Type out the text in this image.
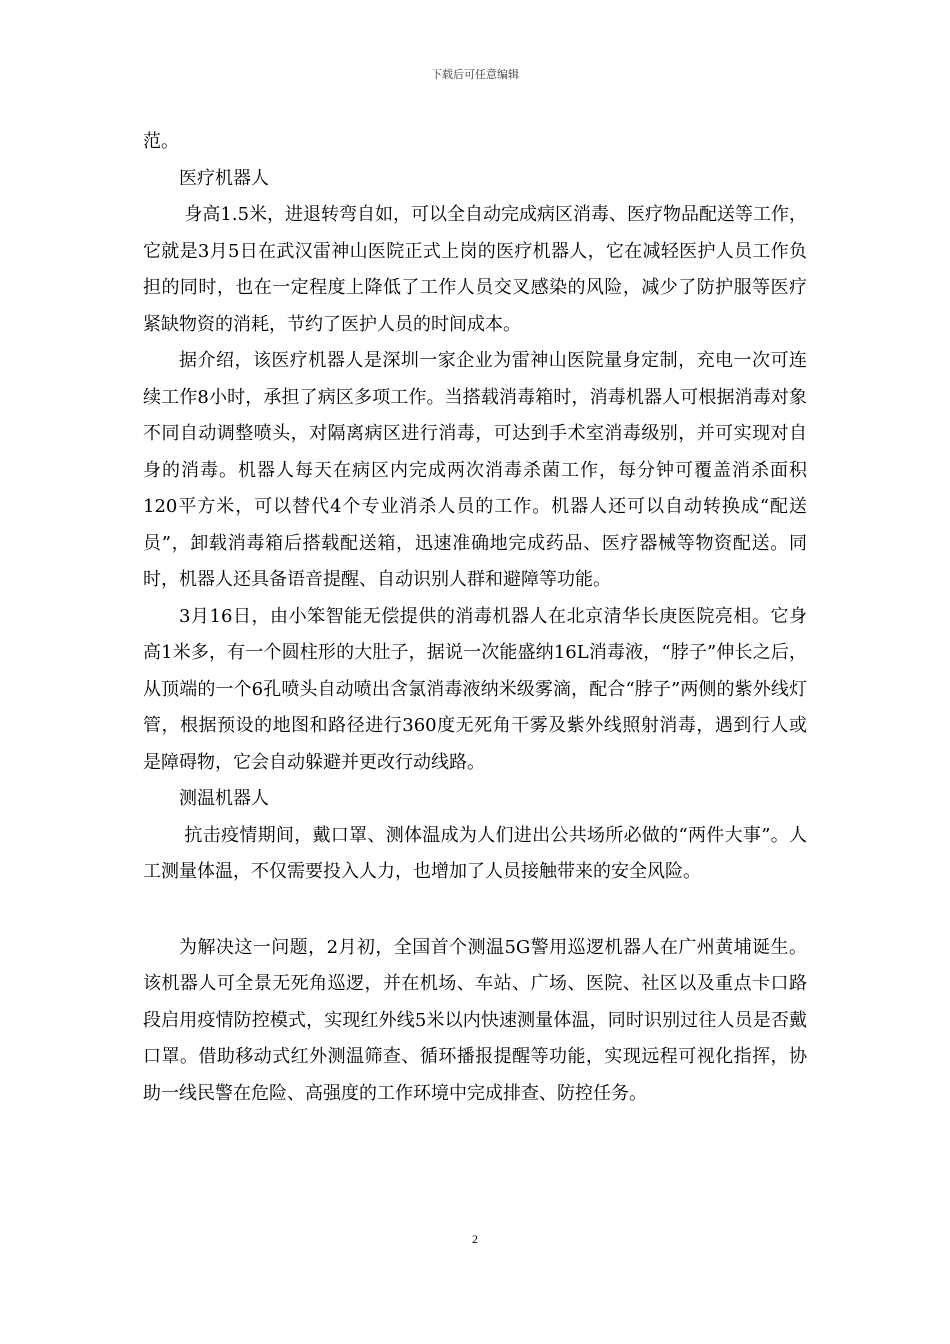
下载后可任意编辑

范。

医疗机器人

身高1.5米，进退转弯自如，可以全自动完成病区消毒、医疗物品配送等工作，它就是3月5日在武汉雷神山医院正式上岗的医疗机器人，它在减轻医护人员工作负担的同时，也在一定程度上降低了工作人员交叉感染的风险，减少了防护服等医疗紧缺物资的消耗，节约了医护人员的时间成本。

据介绍，该医疗机器人是深圳一家企业为雷神山医院量身定制，充电一次可连续工作8小时，承担了病区多项工作。当搭载消毒箱时，消毒机器人可根据消毒对象不同自动调整喷头，对隔离病区进行消毒，可达到手术室消毒级别，并可实现对自身的消毒。机器人每天在病区内完成两次消毒杀菌工作，每分钟可覆盖消杀面积120平方米，可以替代4个专业消杀人员的工作。机器人还可以自动转换成“配送员”，卸载消毒箱后搭载配送箱，迅速准确地完成药品、医疗器械等物资配送。同时，机器人还具备语音提醒、自动识别人群和避障等功能。

3月16日，由小笨智能无偿提供的消毒机器人在北京清华长庚医院亮相。它身高1米多，有一个圆柱形的大肚子，据说一次能盛纳16L消毒液，“脖子”伸长之后，从顶端的一个6孔喷头自动喷出含氯消毒液纳米级雾滴，配合“脖子”两侧的紫外线灯管，根据预设的地图和路径进行360度无死角干雾及紫外线照射消毒，遇到行人或是障碍物，它会自动躲避并更改行动线路。

测温机器人

抗击疫情期间，戴口罩、测体温成为人们进出公共场所必做的“两件大事”。人工测量体温，不仅需要投入人力，也增加了人员接触带来的安全风险。

为解决这一问题，2月初，全国首个测温5G警用巡逻机器人在广州黄埔诞生。该机器人可全景无死角巡逻，并在机场、车站、广场、医院、社区以及重点卡口路段启用疫情防控模式，实现红外线5米以内快速测量体温，同时识别过往人员是否戴口罩。借助移动式红外测温筛查、循环播报提醒等功能，实现远程可视化指挥，协助一线民警在危险、高强度的工作环境中完成排查、防控任务。

2
